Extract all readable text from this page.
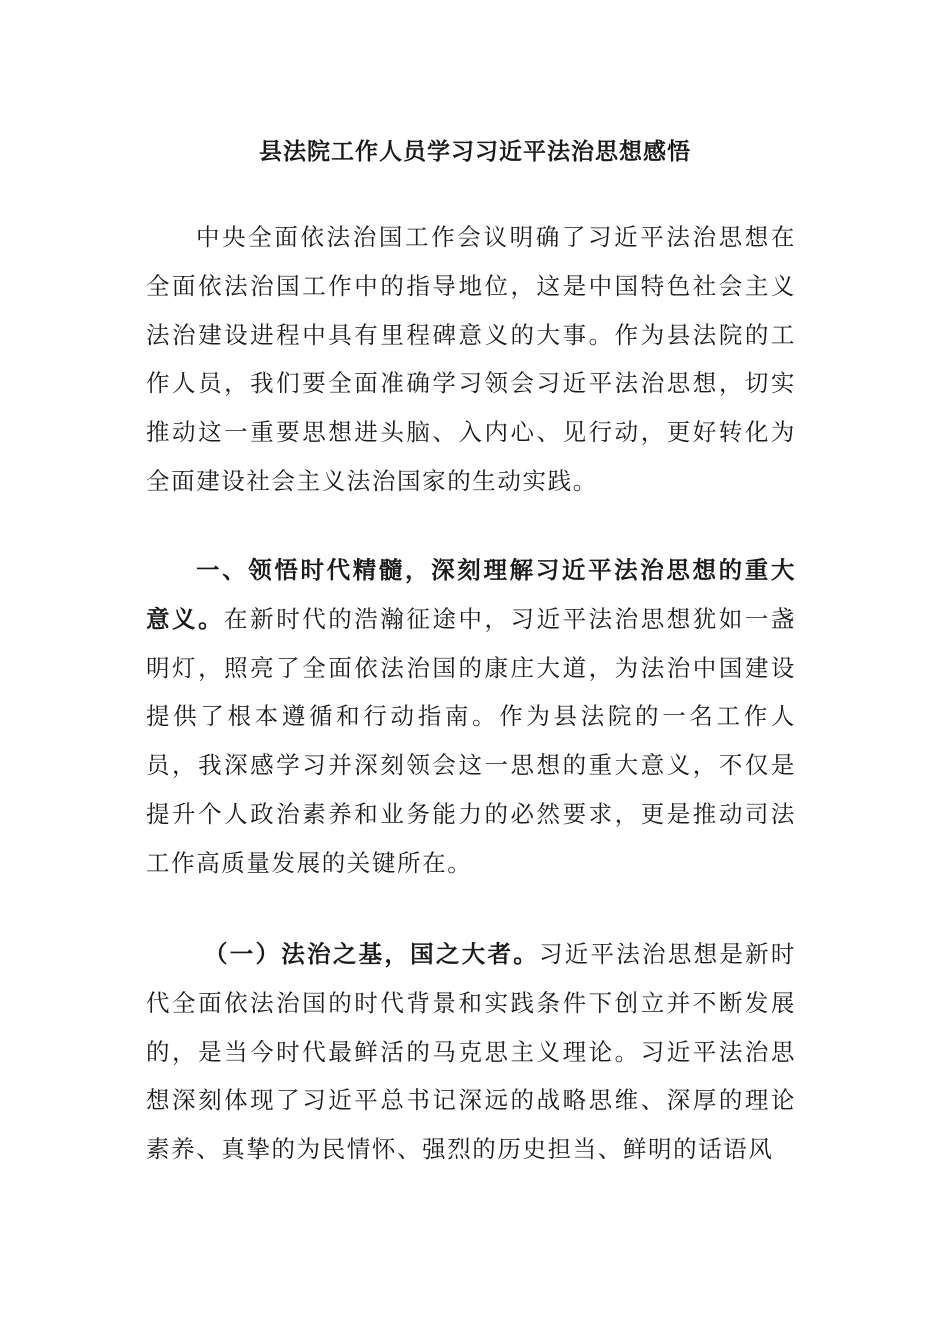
县法院工作人员学习习近平法治思想感悟

中央全面依法治国工作会议明确了习近平法治思想在全面依法治国工作中的指导地位，这是中国特色社会主义法治建设进程中具有里程碑意义的大事。作为县法院的工作人员，我们要全面准确学习领会习近平法治思想，切实推动这一重要思想进头脑、入内心、见行动，更好转化为全面建设社会主义法治国家的生动实践。

一、领悟时代精髓，深刻理解习近平法治思想的重大意义。在新时代的浩瀚征途中，习近平法治思想犹如一盏明灯，照亮了全面依法治国的康庄大道，为法治中国建设提供了根本遵循和行动指南。作为县法院的一名工作人员，我深感学习并深刻领会这一思想的重大意义，不仅是提升个人政治素养和业务能力的必然要求，更是推动司法工作高质量发展的关键所在。

（一）法治之基，国之大者。习近平法治思想是新时代全面依法治国的时代背景和实践条件下创立并不断发展的，是当今时代最鲜活的马克思主义理论。习近平法治思想深刻体现了习近平总书记深远的战略思维、深厚的理论素养、真挚的为民情怀、强烈的历史担当、鲜明的话语风
